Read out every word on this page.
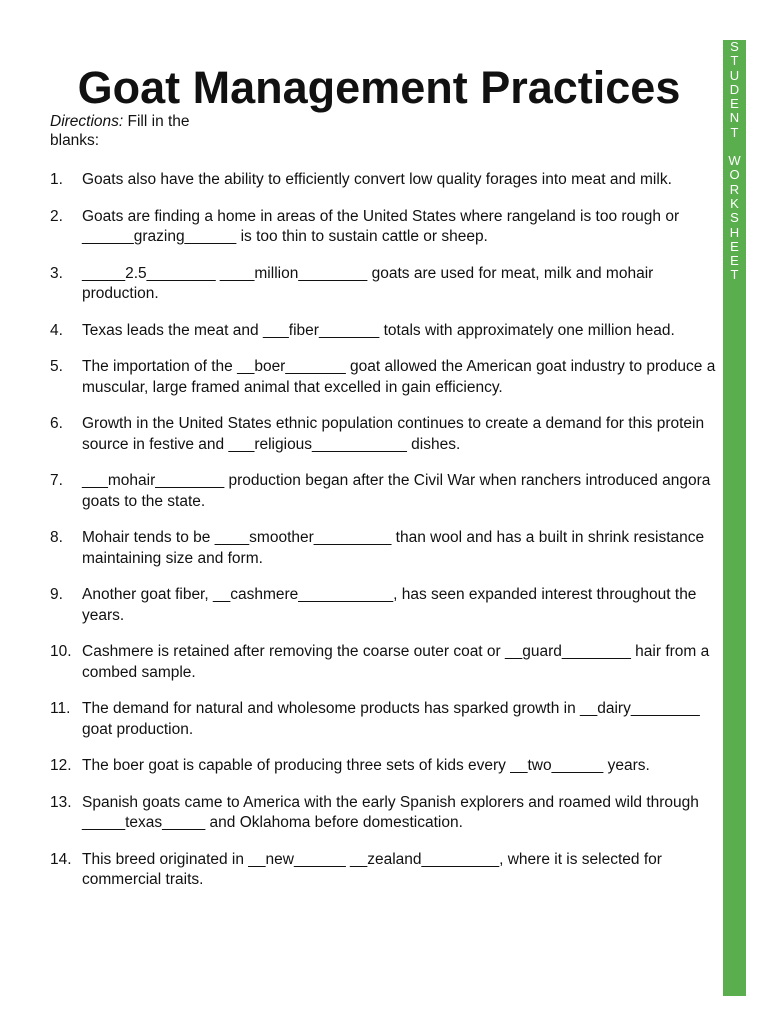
S
T
U
D
E
N
T
W
O
R
K
S
H
E
E
T
Goat Management Practices
Directions: Fill in the blanks:
1. Goats also have the ability to efficiently convert low quality forages into meat and milk.
2. Goats are finding a home in areas of the United States where rangeland is too rough or ______grazing______ is too thin to sustain cattle or sheep.
3. _____2.5________ ____million________ goats are used for meat, milk and mohair production.
4. Texas leads the meat and ___fiber_______ totals with approximately one million head.
5. The importation of the __boer_______ goat allowed the American goat industry to produce a muscular, large framed animal that excelled in gain efficiency.
6. Growth in the United States ethnic population continues to create a demand for this protein source in festive and ___religious___________ dishes.
7. ___mohair________ production began after the Civil War when ranchers introduced angora goats to the state.
8. Mohair tends to be ____smoother_________ than wool and has a built in shrink resistance maintaining size and form.
9. Another goat fiber, __cashmere___________, has seen expanded interest throughout the years.
10. Cashmere is retained after removing the coarse outer coat or __guard________ hair from a combed sample.
11. The demand for natural and wholesome products has sparked growth in __dairy________ goat production.
12. The boer goat is capable of producing three sets of kids every __two______ years.
13. Spanish goats came to America with the early Spanish explorers and roamed wild through _____texas_____ and Oklahoma before domestication.
14. This breed originated in __new______ __zealand_________, where it is selected for commercial traits.
